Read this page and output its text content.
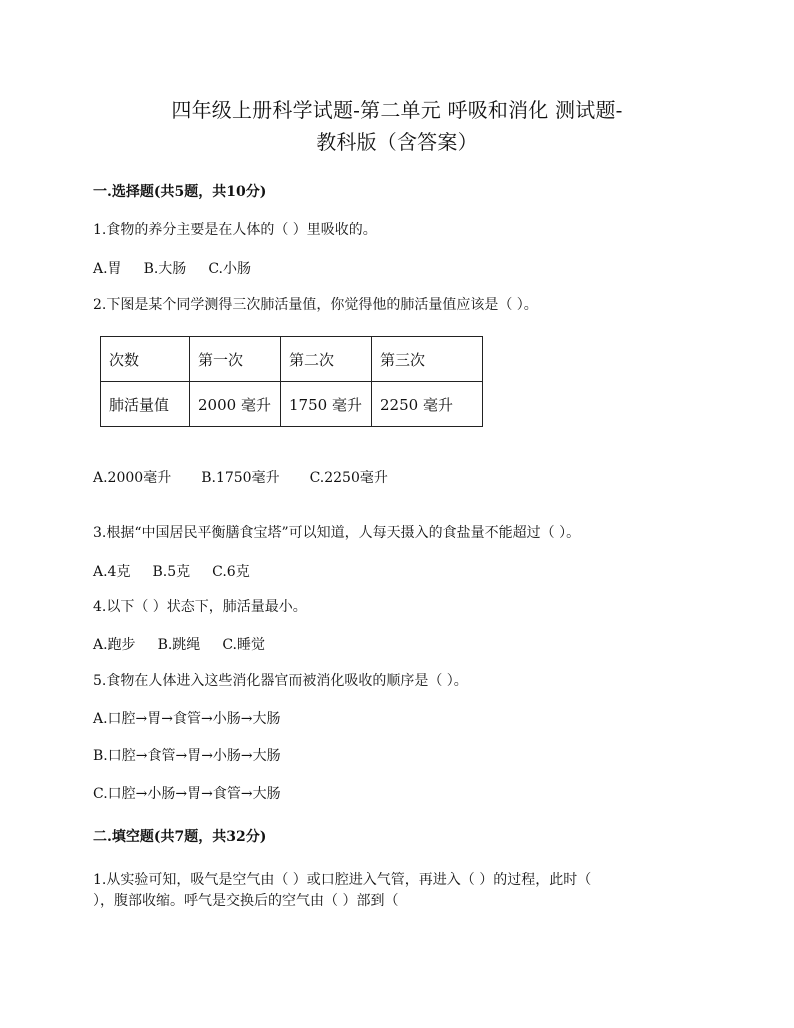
四年级上册科学试题-第二单元 呼吸和消化 测试题-
教科版（含答案）
一.选择题(共5题，共10分)
1.食物的养分主要是在人体的（ ）里吸收的。
A.胃 B.大肠 C.小肠
2.下图是某个同学测得三次肺活量值，你觉得他的肺活量值应该是（ ）。
次数	第一次	第二次	第三次
肺活量值	2000 毫升	1750 毫升	2250 毫升
A.2000毫升 B.1750毫升 C.2250毫升
3.根据“中国居民平衡膳食宝塔”可以知道，人每天摄入的食盐量不能超过（ ）。
A.4克 B.5克 C.6克
4.以下（ ）状态下，肺活量最小。
A.跑步 B.跳绳 C.睡觉
5.食物在人体进入这些消化器官而被消化吸收的顺序是（ ）。
A.口腔→胃→食管→小肠→大肠
B.口腔→食管→胃→小肠→大肠
C.口腔→小肠→胃→食管→大肠
二.填空题(共7题，共32分)
1.从实验可知，吸气是空气由（ ）或口腔进入气管，再进入（ ）的过程，此时（
），腹部收缩。呼气是交换后的空气由（ ）部到（
